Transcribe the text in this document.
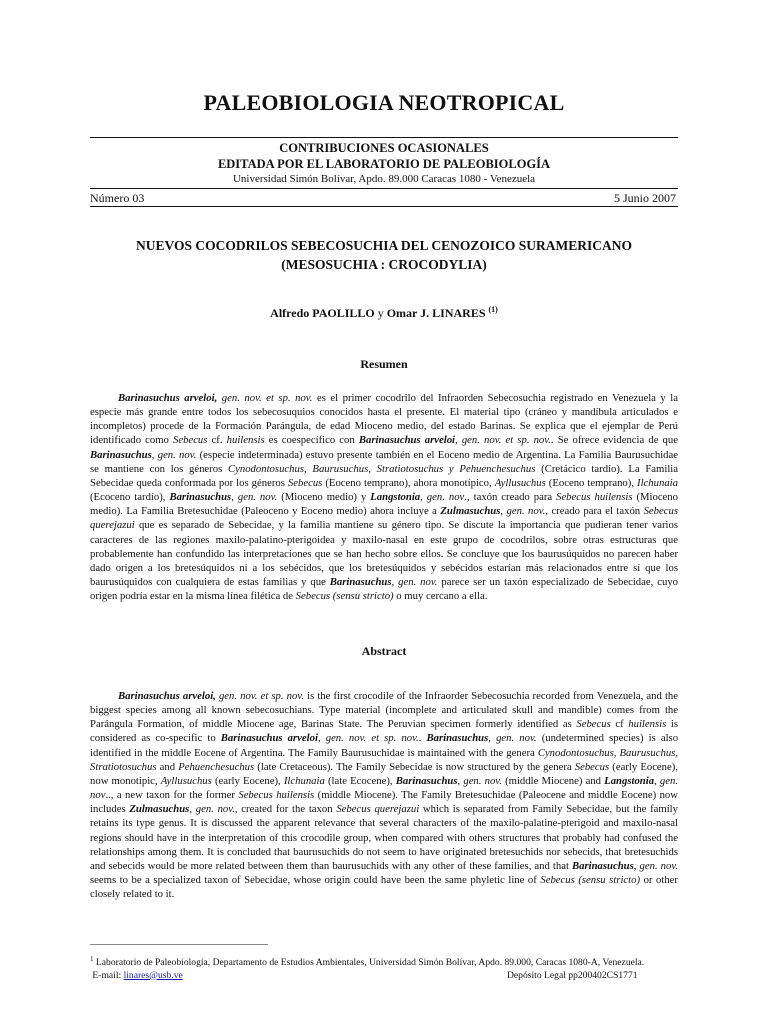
PALEOBIOLOGIA NEOTROPICAL
CONTRIBUCIONES OCASIONALES
EDITADA POR EL LABORATORIO DE PALEOBIOLOGÍA
Universidad Simón Bolívar, Apdo. 89.000 Caracas 1080 - Venezuela
Número 03	5 Junio 2007
NUEVOS COCODRILOS SEBECOSUCHIA DEL CENOZOICO SURAMERICANO
(MESOSUCHIA : CROCODYLIA)
Alfredo PAOLILLO y Omar J. LINARES $^{(1)}$
Resumen

Barinasuchus arveloi, gen. nov. et sp. nov. es el primer cocodrilo del Infraorden Sebecosuchia registrado en Venezuela y la especie más grande entre todos los sebecosuquios conocidos hasta el presente. El material tipo (cráneo y mandíbula articulados e incompletos) procede de la Formación Parángula, de edad Mioceno medio, del estado Barinas. Se explica que el ejemplar de Perú identificado como Sebecus cf. huilensis es coespecífico con Barinasuchus arveloi, gen. nov. et sp. nov.. Se ofrece evidencia de que Barinasuchus, gen. nov. (especie indeterminada) estuvo presente también en el Eoceno medio de Argentina. La Familia Baurusuchidae se mantiene con los géneros Cynodontosuchus, Baurusuchus, Stratiotosuchus y Pehuenchesuchus (Cretácico tardío). La Familia Sebecidae queda conformada por los géneros Sebecus (Eoceno temprano), ahora monotípico, Ayllusuchus (Eoceno temprano), Ilchunaia (Ecoceno tardío), Barinasuchus, gen. nov. (Mioceno medio) y Langstonia, gen. nov., taxón creado para Sebecus huilensis (Mioceno medio). La Familia Bretesuchidae (Paleoceno y Eoceno medio) ahora incluye a Zulmasuchus, gen. nov., creado para el taxón Sebecus querejazui que es separado de Sebecidae, y la familia mantiene su género tipo. Se discute la importancia que pudieran tener varios caracteres de las regiones maxilo-palatino-pterigoidea y maxilo-nasal en este grupo de cocodrilos, sobre otras estructuras que probablemente han confundido las interpretaciones que se han hecho sobre ellos. Se concluye que los baurusúquidos no parecen haber dado origen a los bretesúquidos ni a los sebécidos, que los bretesúquidos y sebécidos estarían más relacionados entre sí que los baurusúquidos con cualquiera de estas familias y que Barinasuchus, gen. nov. parece ser un taxón especializado de Sebecidae, cuyo origen podría estar en la misma línea filética de Sebecus (sensu stricto) o muy cercano a ella.

Abstract

Barinasuchus arveloi, gen. nov. et sp. nov. is the first crocodile of the Infraorder Sebecosuchia recorded from Venezuela, and the biggest species among all known sebecosuchians. Type material (incomplete and articulated skull and mandible) comes from the Parángula Formation, of middle Miocene age, Barinas State. The Peruvian specimen formerly identified as Sebecus cf huilensis is considered as co-specific to Barinasuchus arveloi, gen. nov. et sp. nov.. Barinasuchus, gen. nov. (undetermined species) is also identified in the middle Eocene of Argentina. The Family Baurusuchidae is maintained with the genera Cynodontosuchus, Baurusuchus, Stratiotosuchus and Pehuenchesuchus (late Cretaceous). The Family Sebecidae is now structured by the genera Sebecus (early Eocene), now monotipic, Ayllusuchus (early Eocene), Ilchunaia (late Ecocene), Barinasuchus, gen. nov. (middle Miocene) and Langstonia, gen. nov.., a new taxon for the former Sebecus huilensis (middle Miocene). The Family Bretesuchidae (Paleocene and middle Eocene) now includes Zulmasuchus, gen. nov., created for the taxon Sebecus querejazui which is separated from Family Sebecidae, but the family retains its type genus. It is discussed the apparent relevance that several characters of the maxilo-palatine-pterigoid and maxilo-nasal regions should have in the interpretation of this crocodile group, when compared with others structures that probably had confused the relationships among them. It is concluded that baurusuchids do not seem to have originated bretesuchids nor sebecids, that bretesuchids and sebecids would be more related between them than baurusuchids with any other of these families, and that Barinasuchus, gen. nov. seems to be a specialized taxon of Sebecidae, whose origin could have been the same phyletic line of Sebecus (sensu stricto) or other closely related to it.

$^1$ Laboratorio de Paleobiología, Departamento de Estudios Ambientales, Universidad Simón Bolívar, Apdo. 89.000, Caracas 1080-A, Venezuela.
E-mail: linares@usb.ve	Depósito Legal pp200402CS1771
